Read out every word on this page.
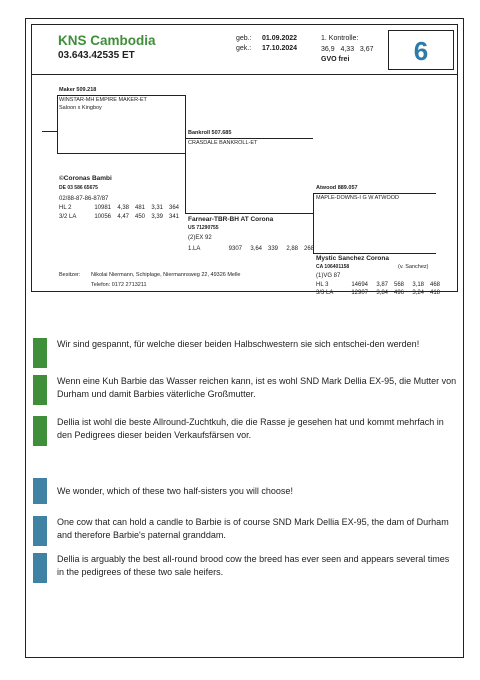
KNS Cambodia
03.643.42535 ET
geb.: 01.09.2022
gek.: 17.10.2024
1. Kontrolle:
36,9   4,33   3,67
GVO frei	6
Maker 509.218
WINSTAR-MH EMPIRE MAKER-ET
Saloon x Kingboy
©Coronas Bambi
DE 03 586 65675
02/88-87-86-87/87
HL 2	10981 4,38 481 3,31 364
3/2 LA	10056 4,47 450 3,39 341
Bankroll 507.685
CRASDALE BANKROLL-ET
Farnear-TBR-BH AT Corona
US 71290755
(2)EX 92
1.LA	9307 3,64 339 2,88 268
Atwood 889.057
MAPLE-DOWNS-I G W ATWOOD
Mystic Sanchez Corona
CA 106401158	(v. Sanchez)
(1)VG 87
HL 3	14694 3,87 568 3,18 468
3/3 LA	12907 3,84 496 3,24 418
Besitzer: Nikolai Niermann, Schiplage, Niermannsweg 22, 49326 Melle
Telefon: 0172 2713211
Wir sind gespannt, für welche dieser beiden Halbschwestern sie sich entschei-den werden!
Wenn eine Kuh Barbie das Wasser reichen kann, ist es wohl SND Mark Dellia EX-95, die Mutter von Durham und damit Barbies väterliche Großmutter.
Dellia ist wohl die beste Allround-Zuchtkuh, die die Rasse je gesehen hat und kommt mehrfach in den Pedigrees dieser beiden Verkaufsfärsen vor.
We wonder, which of these two half-sisters you will choose!
One cow that can hold a candle to Barbie is of course SND Mark Dellia EX-95, the dam of Durham and therefore Barbie's paternal granddam.
Dellia is arguably the best all-round brood cow the breed has ever seen and appears several times in the pedigrees of these two sale heifers.
